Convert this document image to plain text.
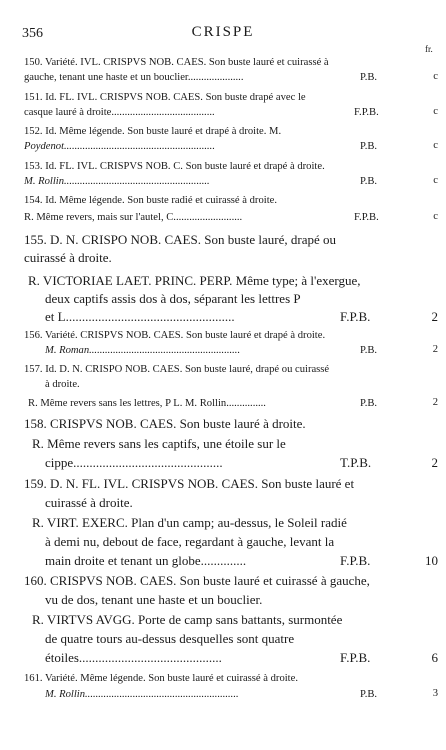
356	CRISPE
fr.
150. Variété. IVL. CRISPVS NOB. CAES. Son buste lauré et cuirassé à
gauche, tenant une haste et un bouclier.....................	P.B.	c
151. Id. FL. IVL. CRISPVS NOB. CAES. Son buste drapé avec le
casque lauré à droite.......................................	F.P.B.	c
152. Id. Même légende. Son buste lauré et drapé à droite. M.
Poydenot.........................................................	P.B.	c
153. Id. FL. IVL. CRISPVS NOB. C. Son buste lauré et drapé à droite.
M. Rollin.......................................................	P.B.	c
154. Id. Même légende. Son buste radié et cuirassé à droite.
R. Même revers, mais sur l'autel, C..........................	F.P.B.	c
155. D. N. CRISPO NOB. CAES. Son buste lauré, drapé ou
cuirassé à droite.
R. VICTORIAE LAET. PRINC. PERP. Même type; à l'exergue,
deux captifs assis dos à dos, séparant les lettres P
et L....................................................	F.P.B.	2
156. Variété. CRISPVS NOB. CAES. Son buste lauré et drapé à droite.
M. Roman.........................................................	P.B.	2
157. Id. D. N. CRISPO NOB. CAES. Son buste lauré, drapé ou cuirassé
à droite.
R. Même revers sans les lettres, P L. M. Rollin...............	P.B.	2
158. CRISPVS NOB. CAES. Son buste lauré à droite.
R. Même revers sans les captifs, une étoile sur le
cippe..............................................	T.P.B.	2
159. D. N. FL. IVL. CRISPVS NOB. CAES. Son buste lauré et
cuirassé à droite.
R. VIRT. EXERC. Plan d'un camp; au-dessus, le Soleil radié
à demi nu, debout de face, regardant à gauche, levant la
main droite et tenant un globe..............	F.P.B.	10
160. CRISPVS NOB. CAES. Son buste lauré et cuirassé à gauche,
vu de dos, tenant une haste et un bouclier.
R. VIRTVS AVGG. Porte de camp sans battants, surmontée
de quatre tours au-dessus desquelles sont quatre
étoiles............................................	F.P.B.	6
161. Variété. Même légende. Son buste lauré et cuirassé à droite.
M. Rollin..........................................................	P.B.	3
